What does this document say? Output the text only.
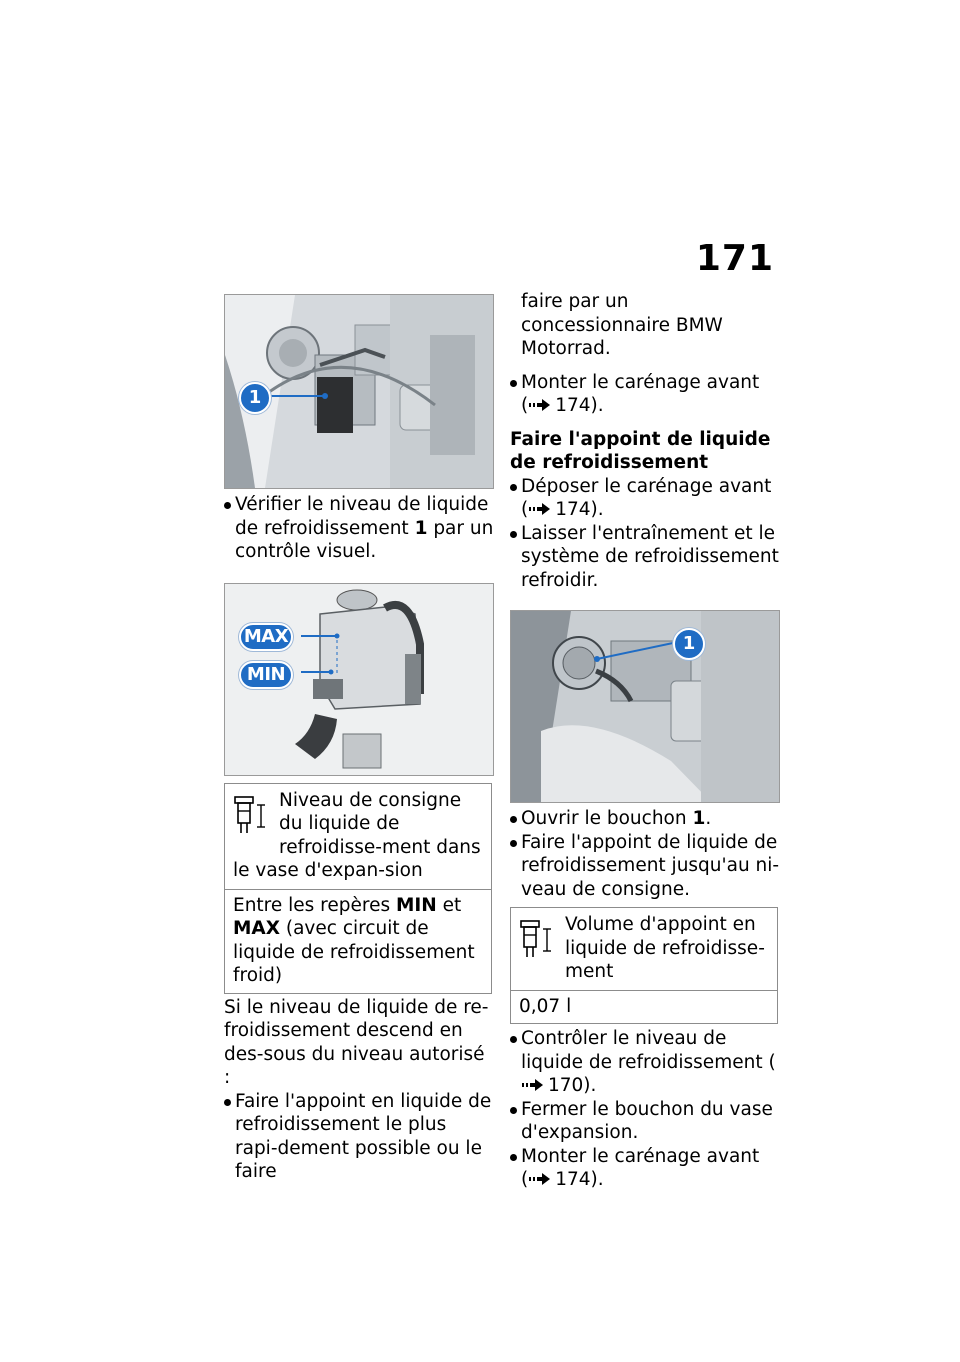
171
1

Vérifier le niveau de liquide de refroidissement 1 par un contrôle visuel.

MAX
MIN
Niveau de consigne du liquide de refroidisse-ment dans le vase d'expan-sion
Entre les repères MIN et MAX (avec circuit de liquide de refroidissement froid)

Si le niveau de liquide de re-froidissement descend en des-sous du niveau autorisé :

Faire l'appoint en liquide de refroidissement le plus rapi-dement possible ou le faire

faire par un concessionnaire BMW Motorrad.

Monter le carénage avant
( 174).

Faire l'appoint de liquide de refroidissement

Déposer le carénage avant
( 174).

Laisser l'entraînement et le système de refroidissement refroidir.

1

Ouvrir le bouchon 1.

Faire l'appoint de liquide de refroidissement jusqu'au ni-veau de consigne.

Volume d'appoint en liquide de refroidisse-ment
0,07 l

Contrôler le niveau de liquide de refroidissement (170).

Fermer le bouchon du vase d'expansion.

Monter le carénage avant
( 174).
